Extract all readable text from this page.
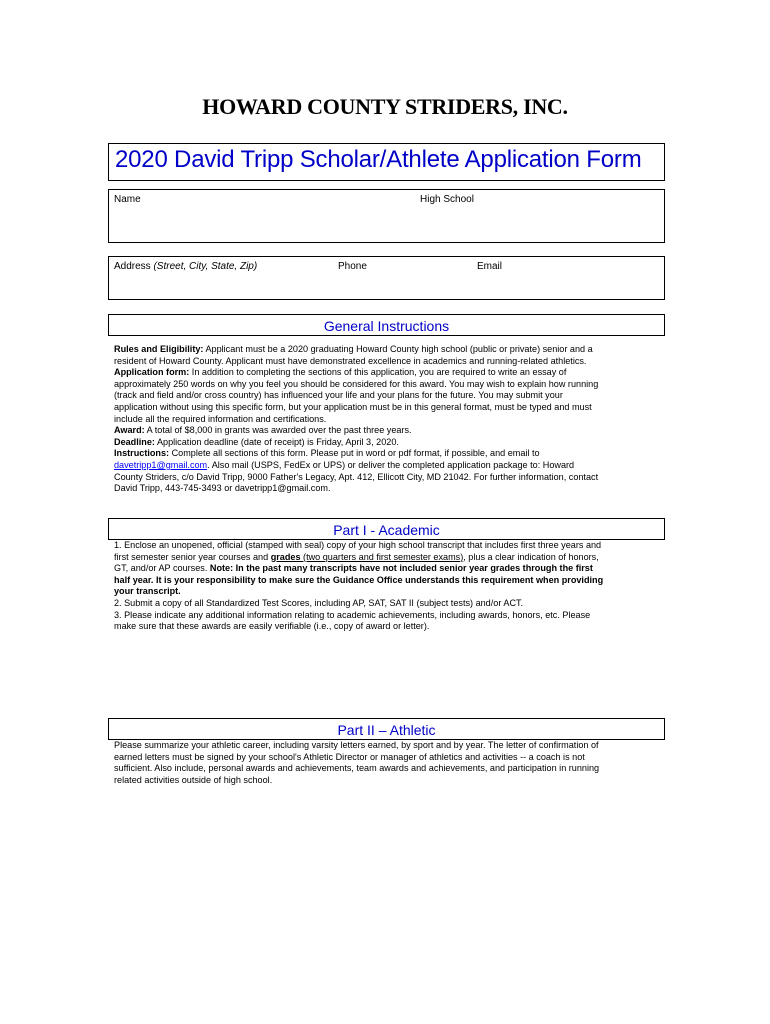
HOWARD COUNTY STRIDERS, INC.
2020 David Tripp Scholar/Athlete Application Form
Name	High School
Address (Street, City, State, Zip)	Phone	Email
General Instructions
Rules and Eligibility: Applicant must be a 2020 graduating Howard County high school (public or private) senior and a
resident of Howard County. Applicant must have demonstrated excellence in academics and running-related athletics.
Application form: In addition to completing the sections of this application, you are required to write an essay of
approximately 250 words on why you feel you should be considered for this award. You may wish to explain how running
(track and field and/or cross country) has influenced your life and your plans for the future. You may submit your
application without using this specific form, but your application must be in this general format, must be typed and must
include all the required information and certifications.
Award: A total of $8,000 in grants was awarded over the past three years.
Deadline: Application deadline (date of receipt) is Friday, April 3, 2020.
Instructions: Complete all sections of this form. Please put in word or pdf format, if possible, and email to
davetripp1@gmail.com. Also mail (USPS, FedEx or UPS) or deliver the completed application package to: Howard
County Striders, c/o David Tripp, 9000 Father's Legacy, Apt. 412, Ellicott City, MD 21042. For further information, contact
David Tripp, 443-745-3493 or davetripp1@gmail.com.
Part I - Academic
1. Enclose an unopened, official (stamped with seal) copy of your high school transcript that includes first three years and
first semester senior year courses and grades (two quarters and first semester exams), plus a clear indication of honors,
GT, and/or AP courses. Note: In the past many transcripts have not included senior year grades through the first
half year. It is your responsibility to make sure the Guidance Office understands this requirement when providing
your transcript.
2. Submit a copy of all Standardized Test Scores, including AP, SAT, SAT II (subject tests) and/or ACT.
3. Please indicate any additional information relating to academic achievements, including awards, honors, etc. Please
make sure that these awards are easily verifiable (i.e., copy of award or letter).
Part II – Athletic
Please summarize your athletic career, including varsity letters earned, by sport and by year. The letter of confirmation of
earned letters must be signed by your school's Athletic Director or manager of athletics and activities -- a coach is not
sufficient. Also include, personal awards and achievements, team awards and achievements, and participation in running
related activities outside of high school.
